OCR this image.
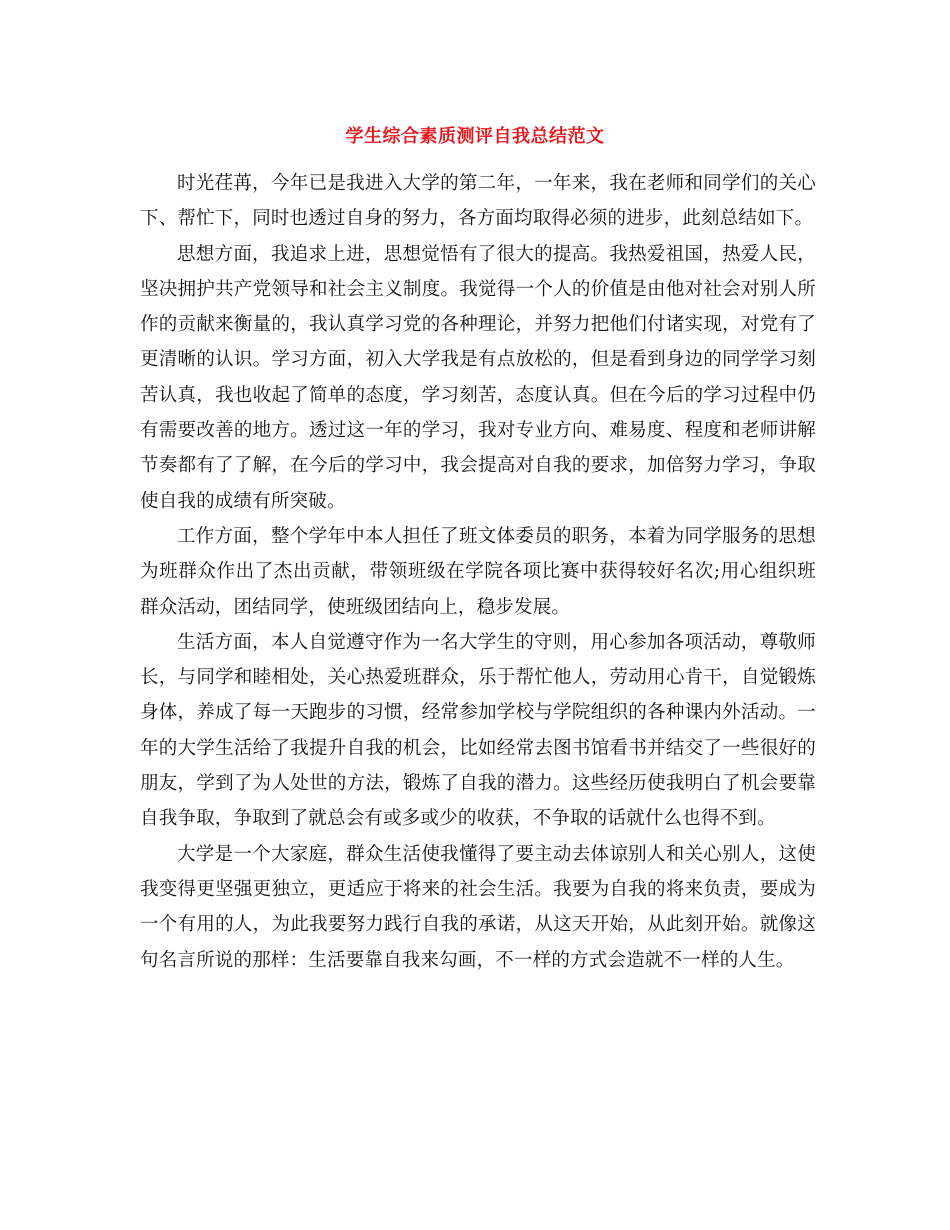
学生综合素质测评自我总结范文

时光荏苒，今年已是我进入大学的第二年，一年来，我在老师和同学们的关心下、帮忙下，同时也透过自身的努力，各方面均取得必须的进步，此刻总结如下。

思想方面，我追求上进，思想觉悟有了很大的提高。我热爱祖国，热爱人民，坚决拥护共产党领导和社会主义制度。我觉得一个人的价值是由他对社会对别人所作的贡献来衡量的，我认真学习党的各种理论，并努力把他们付诸实现，对党有了更清晰的认识。学习方面，初入大学我是有点放松的，但是看到身边的同学学习刻苦认真，我也收起了简单的态度，学习刻苦，态度认真。但在今后的学习过程中仍有需要改善的地方。透过这一年的学习，我对专业方向、难易度、程度和老师讲解节奏都有了了解，在今后的学习中，我会提高对自我的要求，加倍努力学习，争取使自我的成绩有所突破。

工作方面，整个学年中本人担任了班文体委员的职务，本着为同学服务的思想为班群众作出了杰出贡献，带领班级在学院各项比赛中获得较好名次;用心组织班群众活动，团结同学，使班级团结向上，稳步发展。

生活方面，本人自觉遵守作为一名大学生的守则，用心参加各项活动，尊敬师长，与同学和睦相处，关心热爱班群众，乐于帮忙他人，劳动用心肯干，自觉锻炼身体，养成了每一天跑步的习惯，经常参加学校与学院组织的各种课内外活动。一年的大学生活给了我提升自我的机会，比如经常去图书馆看书并结交了一些很好的朋友，学到了为人处世的方法，锻炼了自我的潜力。这些经历使我明白了机会要靠自我争取，争取到了就总会有或多或少的收获，不争取的话就什么也得不到。

大学是一个大家庭，群众生活使我懂得了要主动去体谅别人和关心别人，这使我变得更坚强更独立，更适应于将来的社会生活。我要为自我的将来负责，要成为一个有用的人，为此我要努力践行自我的承诺，从这天开始，从此刻开始。就像这句名言所说的那样：生活要靠自我来勾画，不一样的方式会造就不一样的人生。
